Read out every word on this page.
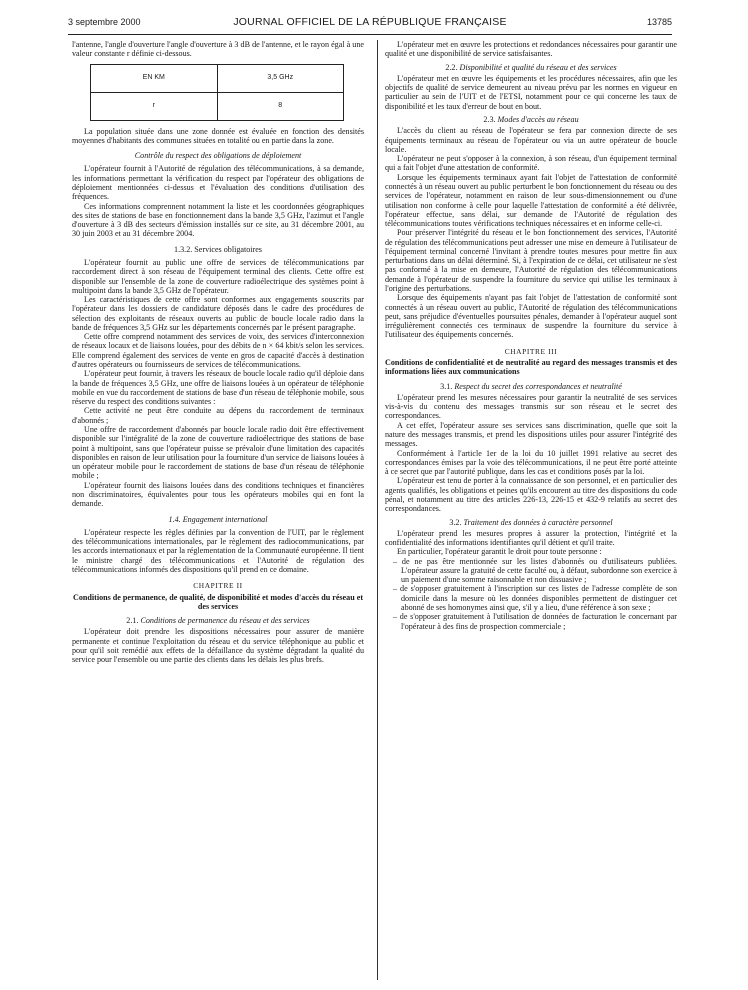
3 septembre 2000	JOURNAL OFFICIEL DE LA RÉPUBLIQUE FRANÇAISE	13785

l'antenne, l'angle d'ouverture l'angle d'ouverture à 3 dB de l'antenne, et le rayon égal à une valeur constante r définie ci-dessous.

EN KM	3,5 GHz
r	8

La population située dans une zone donnée est évaluée en fonction des densités moyennes d'habitants des communes situées en totalité ou en partie dans la zone.

Contrôle du respect des obligations de déploiement

L'opérateur fournit à l'Autorité de régulation des télécommunications, à sa demande, les informations permettant la vérification du respect par l'opérateur des obligations de déploiement mentionnées ci-dessus et l'évaluation des conditions d'utilisation des fréquences.

Ces informations comprennent notamment la liste et les coordonnées géographiques des sites de stations de base en fonctionnement dans la bande 3,5 GHz, l'azimut et l'angle d'ouverture à 3 dB des secteurs d'émission installés sur ce site, au 31 décembre 2001, au 30 juin 2003 et au 31 décembre 2004.

1.3.2. Services obligatoires

L'opérateur fournit au public une offre de services de télécommunications par raccordement direct à son réseau de l'équipement terminal des clients. Cette offre est disponible sur l'ensemble de la zone de couverture radioélectrique des systèmes point à multipoint dans la bande 3,5 GHz de l'opérateur.

Les caractéristiques de cette offre sont conformes aux engagements souscrits par l'opérateur dans les dossiers de candidature déposés dans le cadre des procédures de sélection des exploitants de réseaux ouverts au public de boucle locale radio dans la bande de fréquences 3,5 GHz sur les départements concernés par le présent paragraphe.

Cette offre comprend notamment des services de voix, des services d'interconnexion de réseaux locaux et de liaisons louées, pour des débits de n × 64 kbit/s selon les services. Elle comprend également des services de vente en gros de capacité d'accès à destination d'autres opérateurs ou fournisseurs de services de télécommunications.

L'opérateur peut fournir, à travers les réseaux de boucle locale radio qu'il déploie dans la bande de fréquences 3,5 GHz, une offre de liaisons louées à un opérateur de téléphonie mobile en vue du raccordement de stations de base d'un réseau de téléphonie mobile, sous réserve du respect des conditions suivantes :

Cette activité ne peut être conduite au dépens du raccordement de terminaux d'abonnés ;

Une offre de raccordement d'abonnés par boucle locale radio doit être effectivement disponible sur l'intégralité de la zone de couverture radioélectrique des stations de base point à multipoint, sans que l'opérateur puisse se prévaloir d'une limitation des capacités disponibles en raison de leur utilisation pour la fourniture d'un service de liaisons louées à un opérateur mobile pour le raccordement de stations de base d'un réseau de téléphonie mobile ;

L'opérateur fournit des liaisons louées dans des conditions techniques et financières non discriminatoires, équivalentes pour tous les opérateurs mobiles qui en font la demande.

1.4. Engagement international

L'opérateur respecte les règles définies par la convention de l'UIT, par le règlement des télécommunications internationales, par le règlement des radiocommunications, par les accords internationaux et par la réglementation de la Communauté européenne. Il tient le ministre chargé des télécommunications et l'Autorité de régulation des télécommunications informés des dispositions qu'il prend en ce domaine.

CHAPITRE II

Conditions de permanence, de qualité, de disponibilité et modes d'accès du réseau et des services

2.1. Conditions de permanence du réseau et des services

L'opérateur doit prendre les dispositions nécessaires pour assurer de manière permanente et continue l'exploitation du réseau et du service téléphonique au public et pour qu'il soit remédié aux effets de la défaillance du système dégradant la qualité du service pour l'ensemble ou une partie des clients dans les délais les plus brefs.

L'opérateur met en œuvre les protections et redondances nécessaires pour garantir une qualité et une disponibilité de service satisfaisantes.

2.2. Disponibilité et qualité du réseau et des services

L'opérateur met en œuvre les équipements et les procédures nécessaires, afin que les objectifs de qualité de service demeurent au niveau prévu par les normes en vigueur en particulier au sein de l'UIT et de l'ETSI, notamment pour ce qui concerne les taux de disponibilité et les taux d'erreur de bout en bout.

2.3. Modes d'accès au réseau

L'accès du client au réseau de l'opérateur se fera par connexion directe de ses équipements terminaux au réseau de l'opérateur ou via un autre opérateur de boucle locale.

L'opérateur ne peut s'opposer à la connexion, à son réseau, d'un équipement terminal qui a fait l'objet d'une attestation de conformité.

Lorsque les équipements terminaux ayant fait l'objet de l'attestation de conformité connectés à un réseau ouvert au public perturbent le bon fonctionnement du réseau ou des services de l'opérateur, notamment en raison de leur sous-dimensionnement ou d'une utilisation non conforme à celle pour laquelle l'attestation de conformité a été délivrée, l'opérateur effectue, sans délai, sur demande de l'Autorité de régulation des télécommunications toutes vérifications techniques nécessaires et en informe celle-ci.

Pour préserver l'intégrité du réseau et le bon fonctionnement des services, l'Autorité de régulation des télécommunications peut adresser une mise en demeure à l'utilisateur de l'équipement terminal concerné l'invitant à prendre toutes mesures pour mettre fin aux perturbations dans un délai déterminé. Si, à l'expiration de ce délai, cet utilisateur ne s'est pas conformé à la mise en demeure, l'Autorité de régulation des télécommunications demande à l'opérateur de suspendre la fourniture du service qui utilise les terminaux à l'origine des perturbations.

Lorsque des équipements n'ayant pas fait l'objet de l'attestation de conformité sont connectés à un réseau ouvert au public, l'Autorité de régulation des télécommunications peut, sans préjudice d'éventuelles poursuites pénales, demander à l'opérateur auquel sont irrégulièrement connectés ces terminaux de suspendre la fourniture du service à l'utilisateur des équipements concernés.

CHAPITRE III

Conditions de confidentialité et de neutralité au regard des messages transmis et des informations liées aux communications

3.1. Respect du secret des correspondances et neutralité

L'opérateur prend les mesures nécessaires pour garantir la neutralité de ses services vis-à-vis du contenu des messages transmis sur son réseau et le secret des correspondances.

A cet effet, l'opérateur assure ses services sans discrimination, quelle que soit la nature des messages transmis, et prend les dispositions utiles pour assurer l'intégrité des messages.

Conformément à l'article 1er de la loi du 10 juillet 1991 relative au secret des correspondances émises par la voie des télécommunications, il ne peut être porté atteinte à ce secret que par l'autorité publique, dans les cas et conditions posés par la loi.

L'opérateur est tenu de porter à la connaissance de son personnel, et en particulier des agents qualifiés, les obligations et peines qu'ils encourent au titre des dispositions du code pénal, et notamment au titre des articles 226-13, 226-15 et 432-9 relatifs au secret des correspondances.

3.2. Traitement des données à caractère personnel

L'opérateur prend les mesures propres à assurer la protection, l'intégrité et la confidentialité des informations identifiantes qu'il détient et qu'il traite.

En particulier, l'opérateur garantit le droit pour toute personne :

– de ne pas être mentionnée sur les listes d'abonnés ou d'utilisateurs publiées. L'opérateur assure la gratuité de cette faculté ou, à défaut, subordonne son exercice à un paiement d'une somme raisonnable et non dissuasive ;
– de s'opposer gratuitement à l'inscription sur ces listes de l'adresse complète de son domicile dans la mesure où les données disponibles permettent de distinguer cet abonné de ses homonymes ainsi que, s'il y a lieu, d'une référence à son sexe ;
– de s'opposer gratuitement à l'utilisation de données de facturation le concernant par l'opérateur à des fins de prospection commerciale ;
